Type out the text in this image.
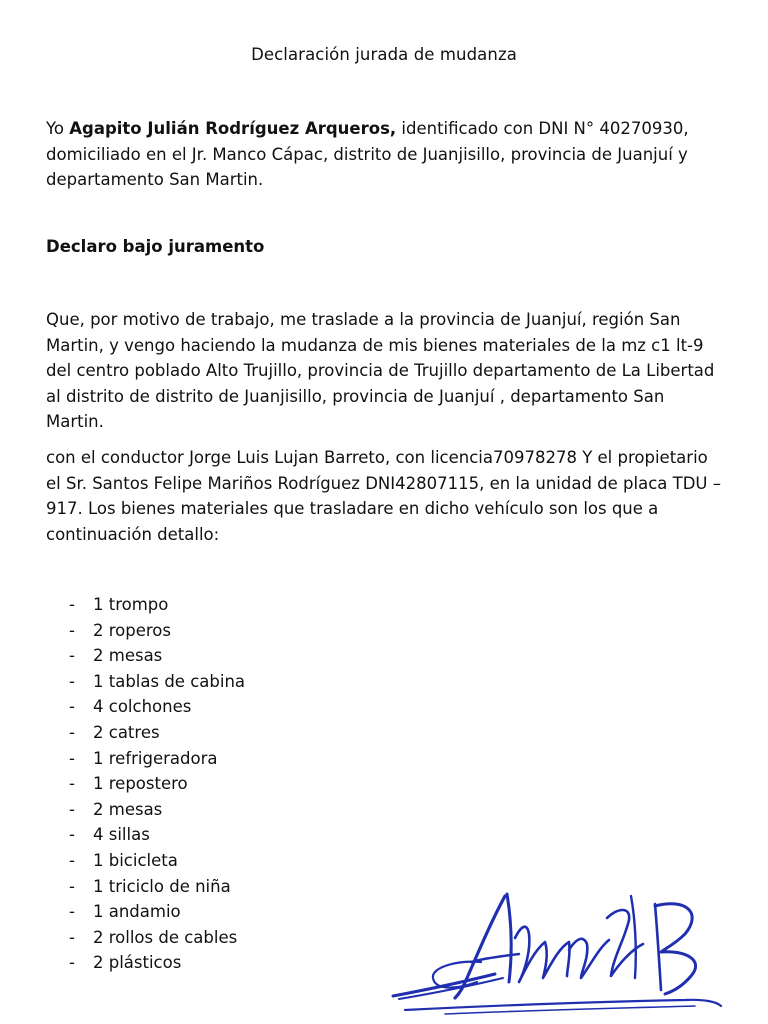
Declaración jurada de mudanza
Yo Agapito Julián Rodríguez Arqueros, identificado con DNI N° 40270930, domiciliado en el Jr. Manco Cápac, distrito de Juanjisillo, provincia de Juanjuí y departamento San Martin.
Declaro bajo juramento
Que, por motivo de trabajo, me traslade a la provincia de Juanjuí, región San Martin, y vengo haciendo la mudanza de mis bienes materiales de la mz c1 lt-9 del centro poblado Alto Trujillo, provincia de Trujillo departamento de La Libertad al distrito de distrito de Juanjisillo, provincia de Juanjuí , departamento San Martin.
con el conductor Jorge Luis Lujan Barreto, con licencia70978278 Y el propietario el Sr. Santos Felipe Mariños Rodríguez DNI42807115, en la unidad de placa TDU – 917. Los bienes materiales que trasladare en dicho vehículo son los que a continuación detallo:
- 1 trompo
- 2 roperos
- 2 mesas
- 1 tablas de cabina
- 4 colchones
- 2 catres
- 1 refrigeradora
- 1 repostero
- 2 mesas
- 4 sillas
- 1 bicicleta
- 1 triciclo de niña
- 1 andamio
- 2 rollos de cables
- 2 plásticos
